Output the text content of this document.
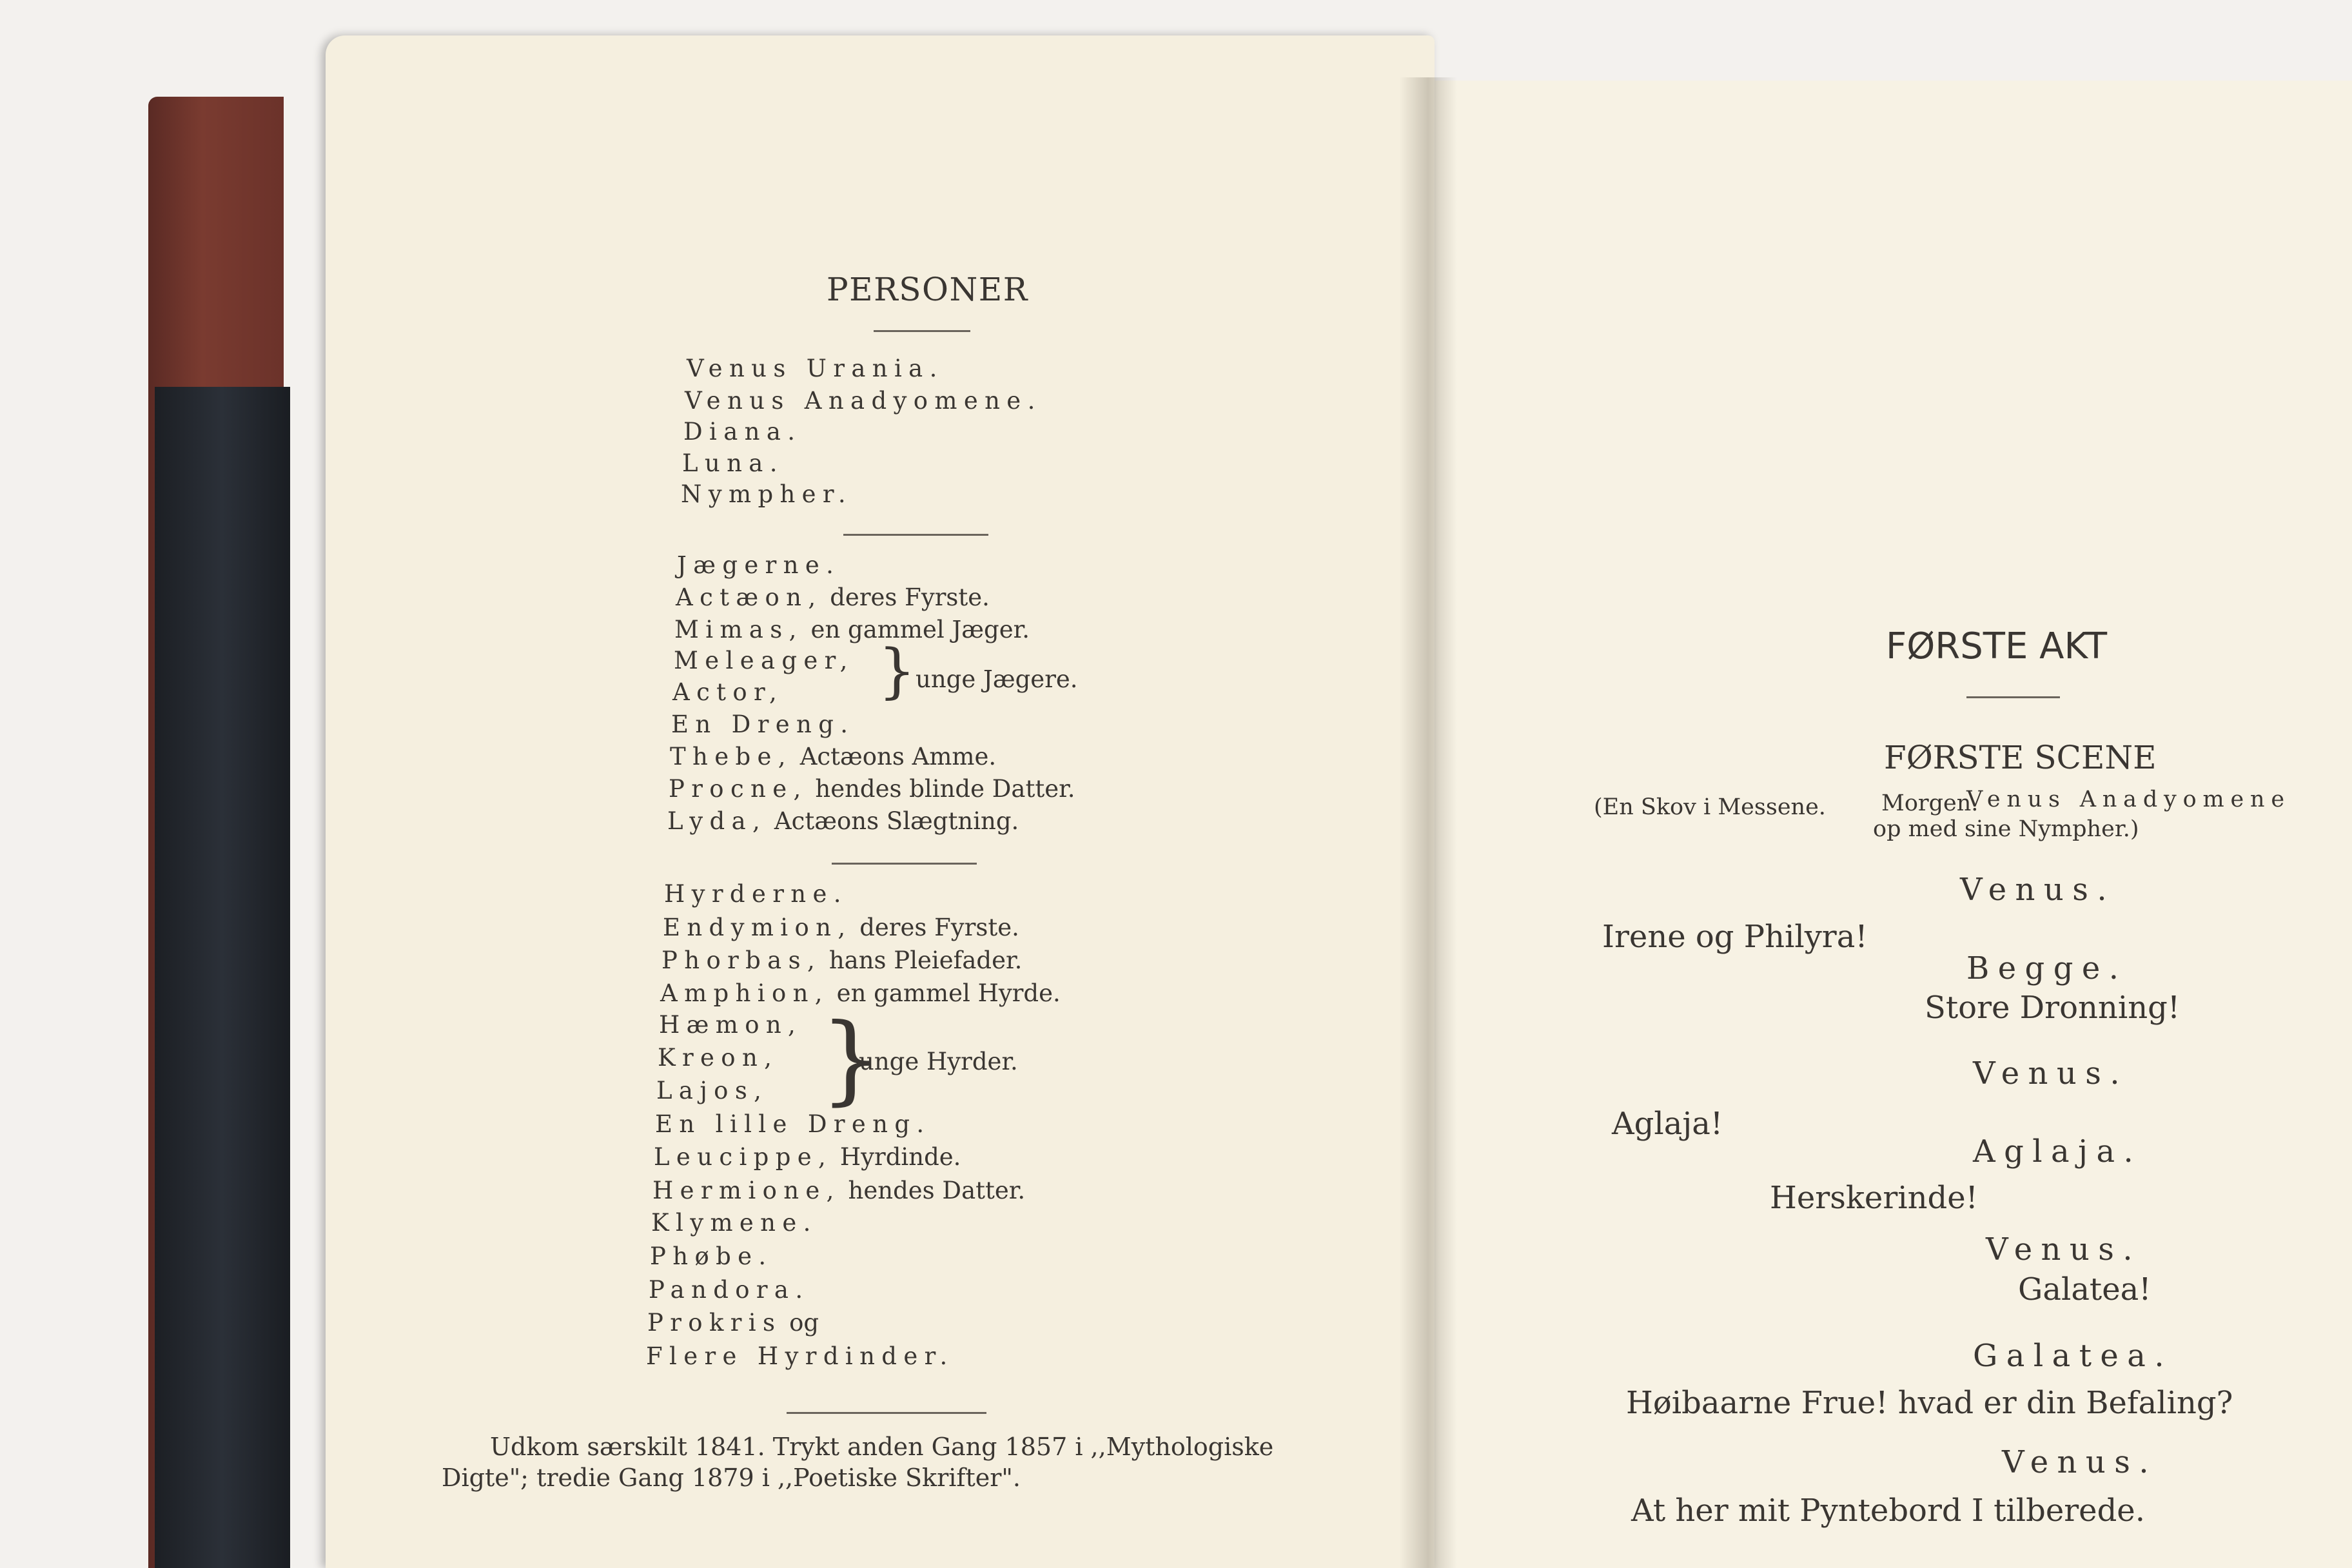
PERSONER
Venus Urania.
Venus Anadyomene.
Diana.
Luna.
Nympher.
Jægerne.
Actæon, deres Fyrste.
Mimas, en gammel Jæger.
Meleager,
Actor, } unge Jægere.
En Dreng.
Thebe, Actæons Amme.
Procne, hendes blinde Datter.
Lyda, Actæons Slægtning.
Hyrderne.
Endymion, deres Fyrste.
Phorbas, hans Pleiefader.
Amphion, en gammel Hyrde.
Hæmon,
Kreon,
Lajos, }
unge Hyrder.
En lille Dreng.
Leucippe, Hyrdinde.
Hermione, hendes Datter.
Klymene.
Phøbe.
Pandora.
Prokris og
Flere Hyrdinder.
Udkom særskilt 1841. Trykt anden Gang 1857 i ,,Mythologiske
Digte"; tredie Gang 1879 i ,,Poetiske Skrifter".
FØRSTE AKT
FØRSTE SCENE
(En Skov i Messene. Morgen.
Venus Anadyomene
op med sine Nympher.)
Venus.
Irene og Philyra!
Begge.
Store Dronning!
Venus.
Aglaja!
Aglaja.
Herskerinde!
Venus.
Galatea!
Galatea.
Høibaarne Frue! hvad er din Befaling?
Venus.
At her mit Pyntebord I tilberede.
